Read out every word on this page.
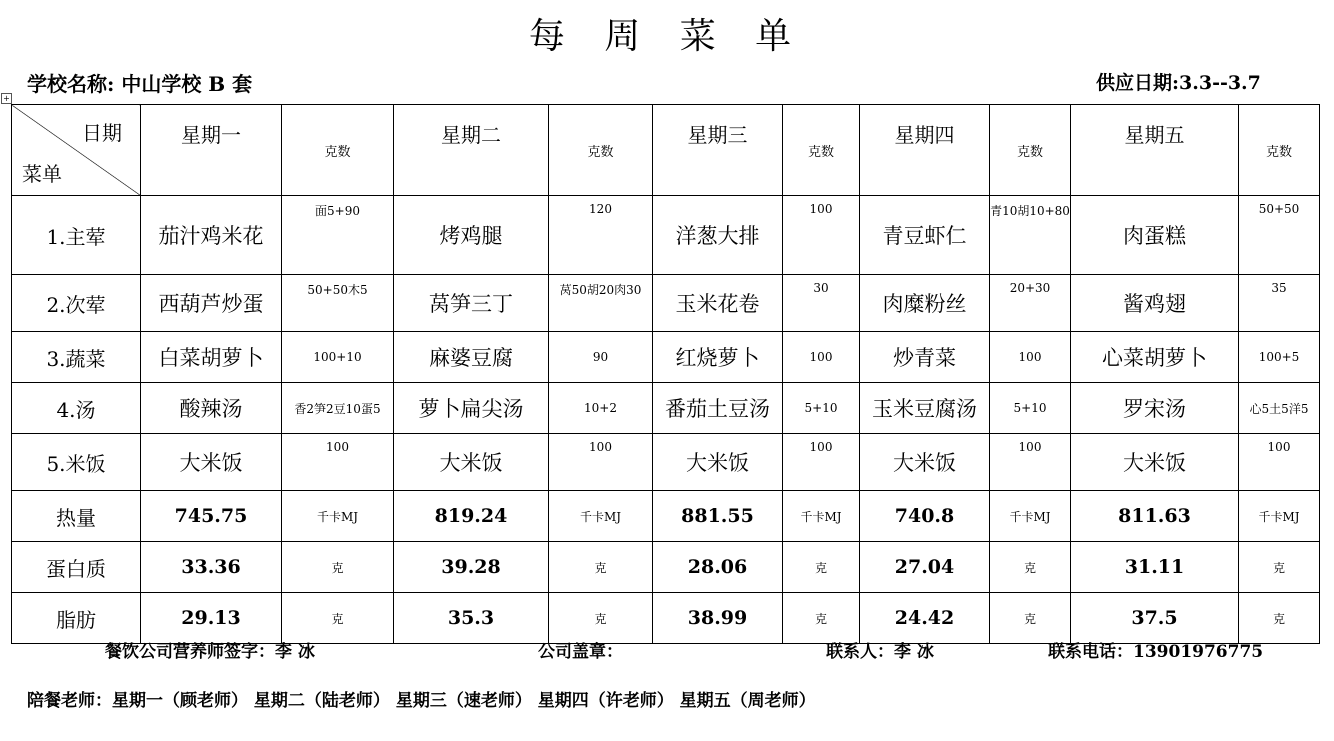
每 周 菜 单
学校名称: 中山学校 B 套	供应日期:3.3--3.7
+
日期
菜单	星期一	克数	星期二	克数	星期三	克数	星期四	克数	星期五	克数
1.主荤	茄汁鸡米花	面5+90	烤鸡腿	120	洋葱大排	100	青豆虾仁	青10胡10+80	肉蛋糕	50+50
2.次荤	西葫芦炒蛋	50+50木5	莴笋三丁	莴50胡20肉30	玉米花卷	30	肉糜粉丝	20+30	酱鸡翅	35
3.蔬菜	白菜胡萝卜	100+10	麻婆豆腐	90	红烧萝卜	100	炒青菜	100	心菜胡萝卜	100+5
4.汤	酸辣汤	香2笋2豆10蛋5	萝卜扁尖汤	10+2	番茄土豆汤	5+10	玉米豆腐汤	5+10	罗宋汤	心5土5洋5
5.米饭	大米饭	100	大米饭	100	大米饭	100	大米饭	100	大米饭	100
热量	745.75	千卡MJ	819.24	千卡MJ	881.55	千卡MJ	740.8	千卡MJ	811.63	千卡MJ
蛋白质	33.36	克	39.28	克	28.06	克	27.04	克	31.11	克
脂肪	29.13	克	35.3	克	38.99	克	24.42	克	37.5	克
餐饮公司营养师签字：李 冰	公司盖章：	联系人：李 冰	联系电话：13901976775
陪餐老师：星期一（顾老师） 星期二（陆老师） 星期三（速老师） 星期四（许老师） 星期五（周老师）
